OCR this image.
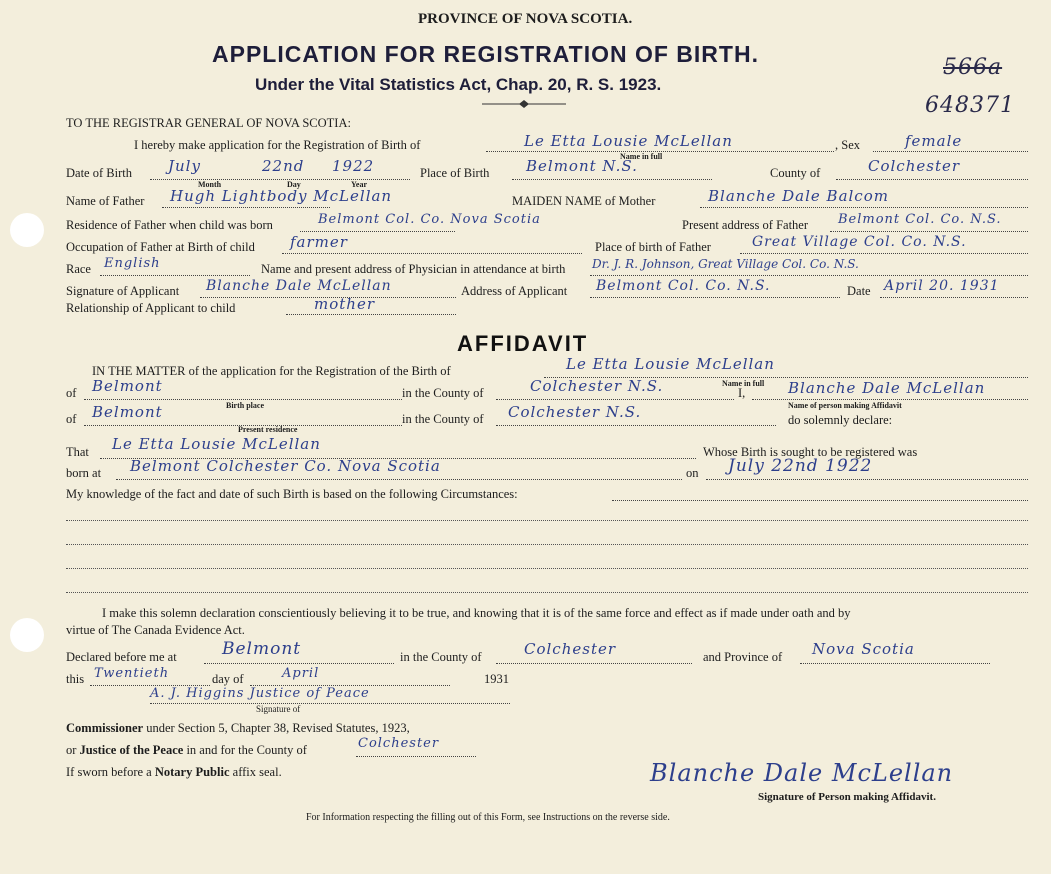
PROVINCE OF NOVA SCOTIA.
APPLICATION FOR REGISTRATION OF BIRTH.
Under the Vital Statistics Act, Chap. 20, R. S. 1923.
566a
648371
TO THE REGISTRAR GENERAL OF NOVA SCOTIA:
I hereby make application for the Registration of Birth of	Le Etta Lousie McLellan
Name in full
, Sex	female
Date of Birth July	22nd 1922
Month	Day	Year
Place of Birth Belmont N.S.	County of	Colchester
Name of Father Hugh Lightbody McLellan	MAIDEN NAME of Mother	Blanche Dale Balcom
Residence of Father when child was born	Belmont Col. Co. Nova Scotia	Present address of Father Belmont Col. Co. N.S.
Occupation of Father at Birth of child farmer	Place of birth of Father	Great Village Col. Co. N.S.
Race English	Name and present address of Physician in attendance at birth Dr. J. R. Johnson, Great Village Col. Co. N.S.
Signature of Applicant Blanche Dale McLellan	Address of Applicant Belmont Col. Co. N.S.	Date April 20. 1931
Relationship of Applicant to child	mother
AFFIDAVIT
IN THE MATTER of the application for the Registration of the Birth of	Le Etta Lousie McLellan
Name in full
of Belmont
Birth place
in the County of	Colchester N.S.	I,	Blanche Dale McLellan
Name of person making Affidavit
of Belmont
Present residence
in the County of Colchester N.S.	do solemnly declare:
That Le Etta Lousie McLellan	Whose Birth is sought to be registered was
born at Belmont Colchester Co. Nova Scotia	on July 22nd 1922
My knowledge of the fact and date of such Birth is based on the following Circumstances:
I make this solemn declaration conscientiously believing it to be true, and knowing that it is of the same force and effect as if made under oath and by
virtue of The Canada Evidence Act.
Declared before me at	Belmont	in the County of	Colchester	and Province of Nova Scotia
this Twentieth	day of	April	1931
A. J. Higgins Justice of Peace
Signature of
Commissioner under Section 5, Chapter 38, Revised Statutes, 1923,
or Justice of the Peace in and for the County of	Colchester
If sworn before a Notary Public affix seal.	Blanche Dale McLellan
Signature of Person making Affidavit.
For Information respecting the filling out of this Form, see Instructions on the reverse side.
